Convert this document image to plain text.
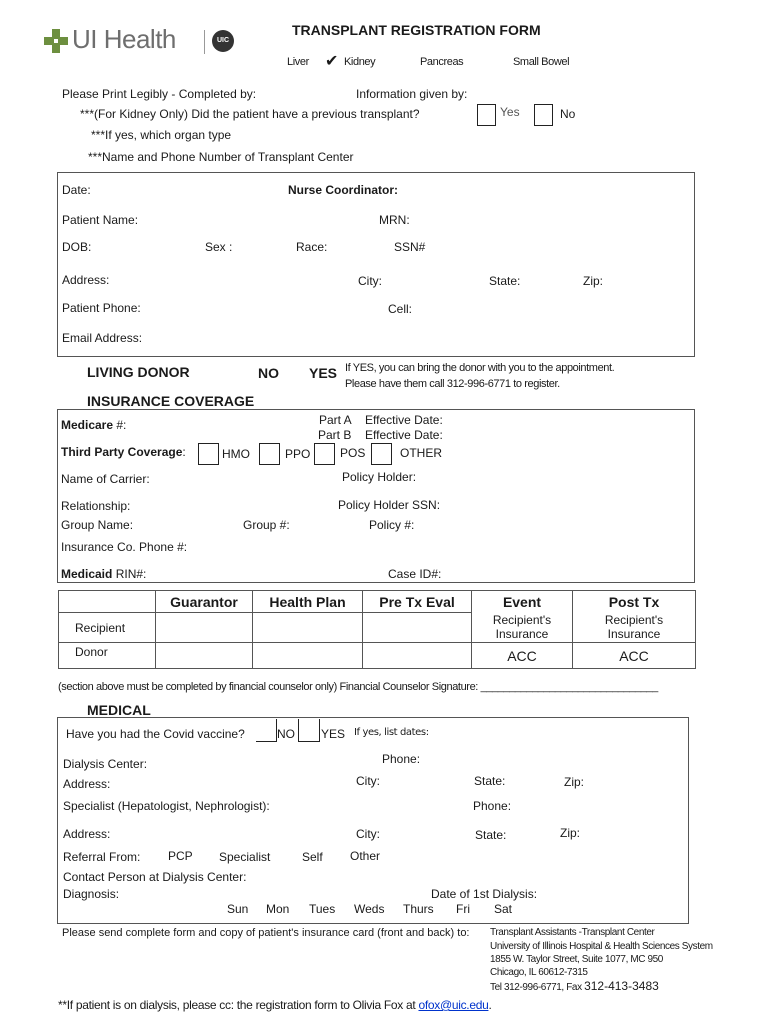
UI Health	UIC
TRANSPLANT REGISTRATION FORM
Liver ✔ Kidney	Pancreas	Small Bowel
Please Print Legibly - Completed by:	Information given by:
***(For Kidney Only) Did the patient have a previous transplant?	Yes	No
***If yes, which organ type
***Name and Phone Number of Transplant Center
Date:	Nurse Coordinator:
Patient Name:	MRN:
DOB:	Sex :	Race:	SSN#
Address:	City:	State:	Zip:
Patient Phone:	Cell:
Email Address:
LIVING DONOR	NO YES If YES, you can bring the donor with you to the appointment.
Please have them call 312-996-6771 to register.
INSURANCE COVERAGE
Medicare #:	Part A Effective Date:
Part B Effective Date:
Third Party Coverage:	HMO	PPO POS	OTHER
Name of Carrier:	Policy Holder:
Relationship:	Policy Holder SSN:
Group Name:	Group #:	Policy #:
Insurance Co. Phone #:
Medicaid RIN#:	Case ID#:
	Guarantor	Health Plan	Pre Tx Eval	Event	Post Tx
Recipient				Recipient's Insurance	Recipient's Insurance
Donor				ACC	ACC
(section above must be completed by financial counselor only) Financial Counselor Signature: _______________________________
MEDICAL
Have you had the Covid vaccine?	NO YES If yes, list dates:
Phone:
Dialysis Center:
Address:	City:	State:	Zip:
Specialist (Hepatologist, Nephrologist):	Phone:
Address:	City:	State:	Zip:
Referral From: PCP Specialist	Self Other
Contact Person at Dialysis Center:
Diagnosis:	Date of 1st Dialysis:
Sun Mon Tues Weds Thurs Fri Sat
Please send complete form and copy of patient's insurance card (front and back) to: Transplant Assistants -Transplant Center
University of Illinois Hospital & Health Sciences System
1855 W. Taylor Street, Suite 1077, MC 950
Chicago, IL 60612-7315
Tel 312-996-6771, Fax 312-413-3483
**If patient is on dialysis, please cc: the registration form to Olivia Fox at ofox@uic.edu.
